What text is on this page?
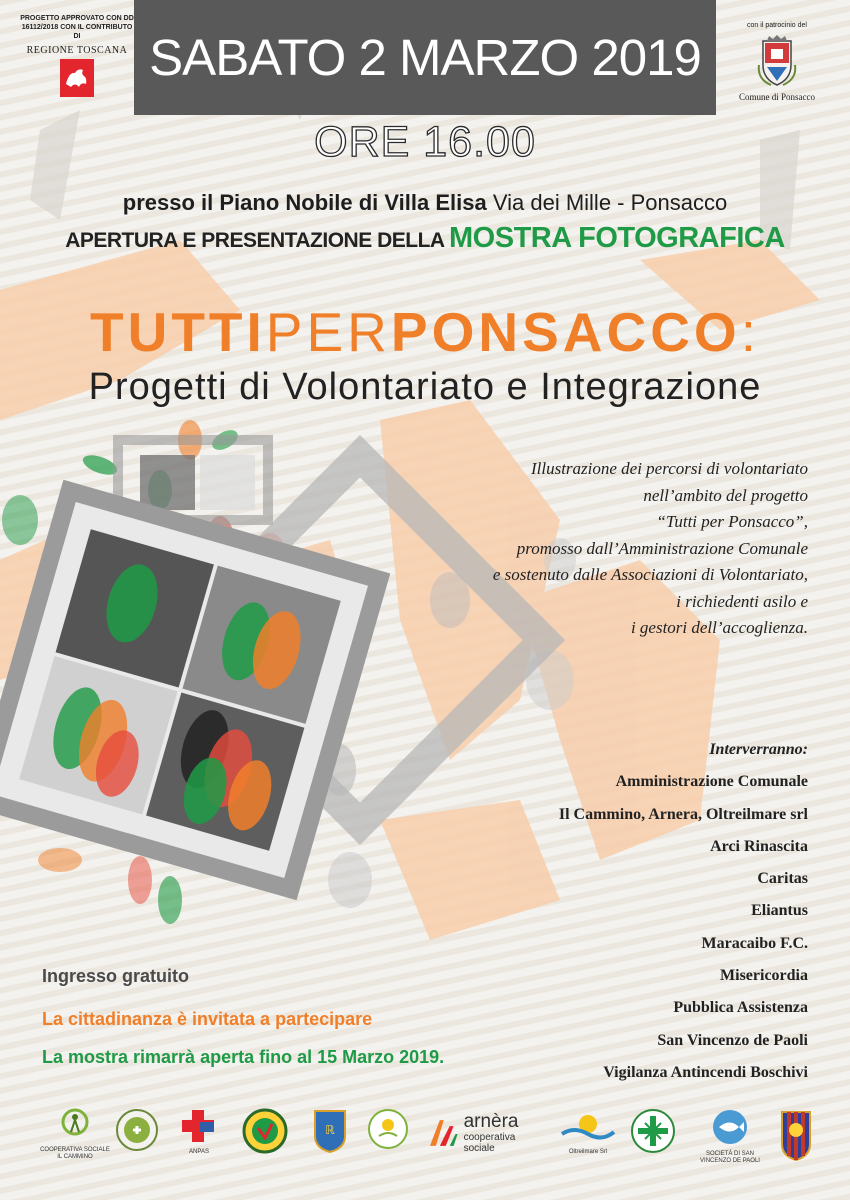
PROGETTO APPROVATO CON DD 16112/2018 CON IL CONTRIBUTO DI
REGIONE TOSCANA SABATO 2 MARZO 2019
con il patrocinio del
Comune di Ponsacco
ORE 16.00
presso il Piano Nobile di Villa Elisa Via dei Mille - Ponsacco
APERTURA E PRESENTAZIONE DELLA MOSTRA FOTOGRAFICA
TUTTIPERPONSACCO:
Progetti di Volontariato e Integrazione
Illustrazione dei percorsi di volontariato
nell’ambito del progetto
“Tutti per Ponsacco”,
promosso dall’Amministrazione Comunale
e sostenuto dalle Associazioni di Volontariato,
i richiedenti asilo e
i gestori dell’accoglienza.
Interverranno:
Amministrazione Comunale
Il Cammino, Arnera, Oltreilmare srl
Arci Rinascita
Caritas
Eliantus
Maracaibo F.C.
Misericordia
Pubblica Assistenza
San Vincenzo de Paoli
Vigilanza Antincendi Boschivi
Ingresso gratuito
La cittadinanza è invitata a partecipare
La mostra rimarrà aperta fino al 15 Marzo 2019.
COOPERATIVA SOCIALE IL CAMMINO
ANPAS
ℝ	arnèra
cooperativa sociale	Oltreilmare Srl	SOCIETÀ DI SAN VINCENZO DE PAOLI
